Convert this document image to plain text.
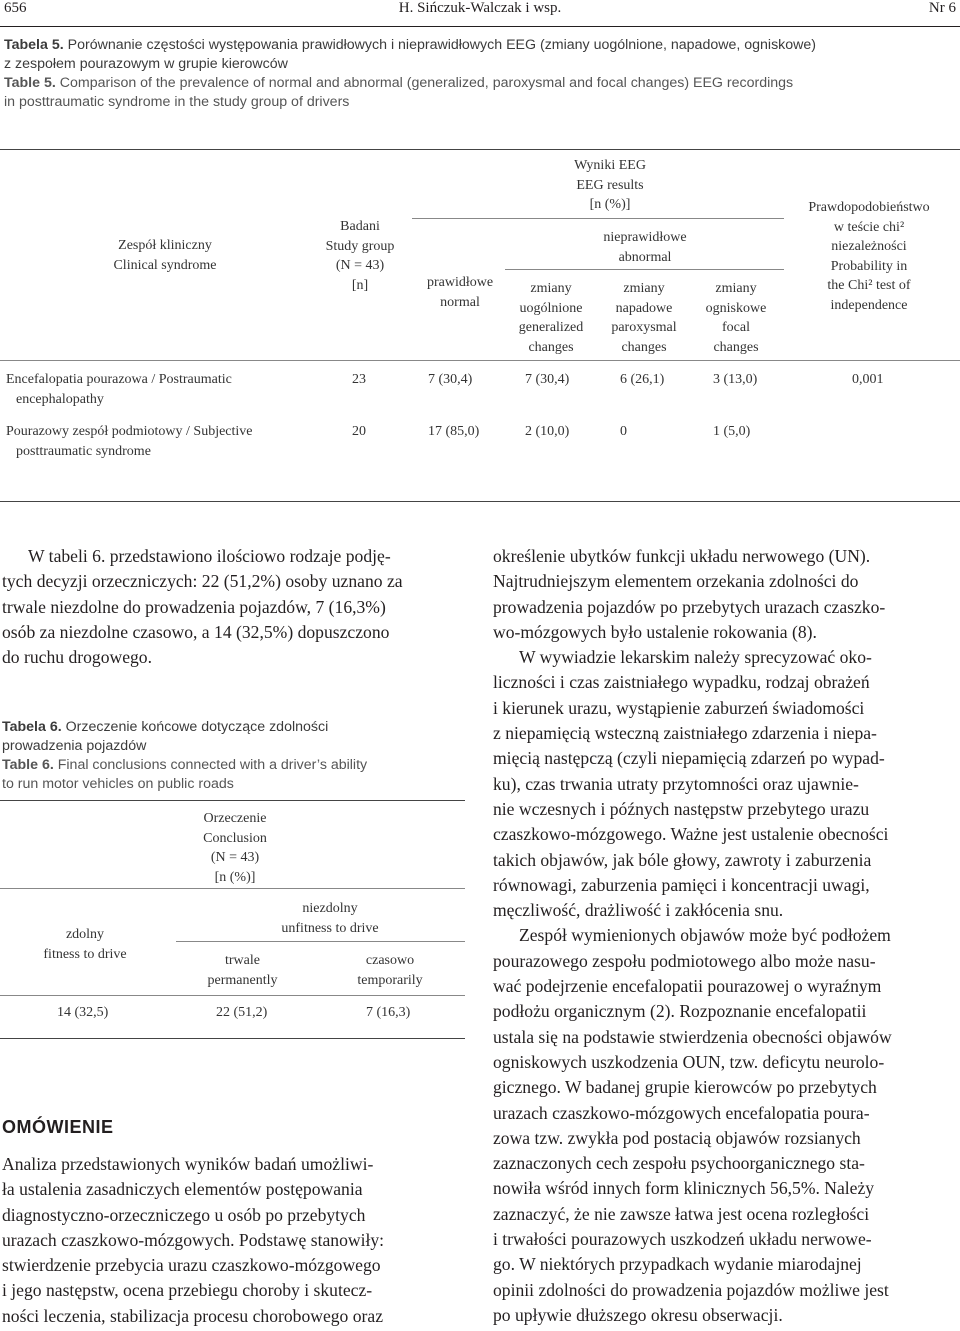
656	H. Sińczuk-Walczak i wsp.	Nr 6
Tabela 5. Porównanie częstości występowania prawidłowych i nieprawidłowych EEG (zmiany uogólnione, napadowe, ogniskowe)
z zespołem pourazowym w grupie kierowców
Table 5. Comparison of the prevalence of normal and abnormal (generalized, paroxysmal and focal changes) EEG recordings
in posttraumatic syndrome in the study group of drivers
Zespół kliniczny
Clinical syndrome
Badani
Study group
(N = 43)
[n]
Wyniki EEG
EEG results
[n (%)]
nieprawidłowe
abnormal
prawidłowe
normal
zmiany
uogólnione
generalized
changes
zmiany
napadowe
paroxysmal
changes
zmiany
ogniskowe
focal
changes
Prawdopodobieństwo
w teście chi²
niezależności
Probability in
the Chi² test of
independence
Encefalopatia pourazowa / Postraumatic
encephalopathy
23	7 (30,4)	7 (30,4)	6 (26,1)	3 (13,0)	0,001
Pourazowy zespół podmiotowy / Subjective
posttraumatic syndrome
20	17 (85,0)	2 (10,0)	0	1 (5,0)
W tabeli 6. przedstawiono ilościowo rodzaje podję-
tych decyzji orzeczniczych: 22 (51,2%) osoby uznano za
trwale niezdolne do prowadzenia pojazdów, 7 (16,3%)
osób za niezdolne czasowo, a 14 (32,5%) dopuszczono
do ruchu drogowego.
Tabela 6. Orzeczenie końcowe dotyczące zdolności
prowadzenia pojazdów
Table 6. Final conclusions connected with a driver’s ability
to run motor vehicles on public roads
Orzeczenie
Conclusion
(N = 43)
[n (%)]
zdolny
fitness to drive
niezdolny
unfitness to drive
trwale
permanently
czasowo
temporarily
14 (32,5)	22 (51,2)	7 (16,3)
OMÓWIENIE
Analiza przedstawionych wyników badań umożliwi-
ła ustalenia zasadniczych elementów postępowania
diagnostyczno-orzeczniczego u osób po przebytych
urazach czaszkowo-mózgowych. Podstawę stanowiły:
stwierdzenie przebycia urazu czaszkowo-mózgowego
i jego następstw, ocena przebiegu choroby i skutecz-
ności leczenia, stabilizacja procesu chorobowego oraz
określenie ubytków funkcji układu nerwowego (UN).
Najtrudniejszym elementem orzekania zdolności do
prowadzenia pojazdów po przebytych urazach czaszko-
wo-mózgowych było ustalenie rokowania (8).
W wywiadzie lekarskim należy sprecyzować oko-
liczności i czas zaistniałego wypadku, rodzaj obrażeń
i kierunek urazu, wystąpienie zaburzeń świadomości
z niepamięcią wsteczną zaistniałego zdarzenia i niepa-
mięcią następczą (czyli niepamięcią zdarzeń po wypad-
ku), czas trwania utraty przytomności oraz ujawnie-
nie wczesnych i późnych następstw przebytego urazu
czaszkowo-mózgowego. Ważne jest ustalenie obecności
takich objawów, jak bóle głowy, zawroty i zaburzenia
równowagi, zaburzenia pamięci i koncentracji uwagi,
męczliwość, drażliwość i zakłócenia snu.
Zespół wymienionych objawów może być podłożem
pourazowego zespołu podmiotowego albo może nasu-
wać podejrzenie encefalopatii pourazowej o wyraźnym
podłożu organicznym (2). Rozpoznanie encefalopatii
ustala się na podstawie stwierdzenia obecności objawów
ogniskowych uszkodzenia OUN, tzw. deficytu neurolo-
gicznego. W badanej grupie kierowców po przebytych
urazach czaszkowo-mózgowych encefalopatia poura-
zowa tzw. zwykła pod postacią objawów rozsianych
zaznaczonych cech zespołu psychoorganicznego sta-
nowiła wśród innych form klinicznych 56,5%. Należy
zaznaczyć, że nie zawsze łatwa jest ocena rozległości
i trwałości pourazowych uszkodzeń układu nerwowe-
go. W niektórych przypadkach wydanie miarodajnej
opinii zdolności do prowadzenia pojazdów możliwe jest
po upływie dłuższego okresu obserwacji.
